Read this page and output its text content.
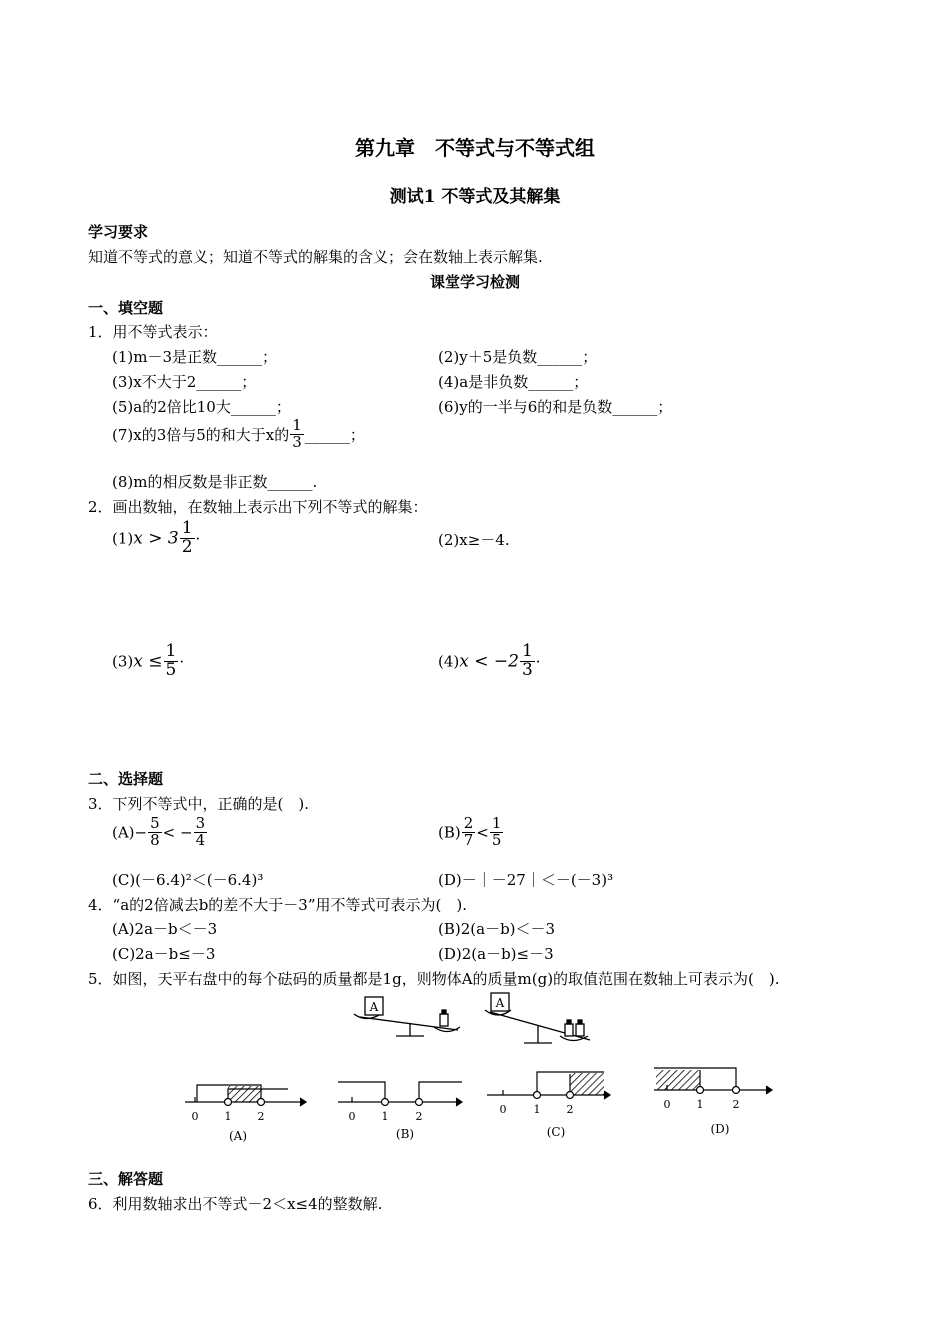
第九章　不等式与不等式组
测试1 不等式及其解集
学习要求
知道不等式的意义；知道不等式的解集的含义；会在数轴上表示解集.
课堂学习检测
一、填空题
1．用不等式表示：
(1)m－3是正数______；	(2)y＋5是负数______；
(3)x不大于2______；	(4)a是非负数______；
(5)a的2倍比10大______；	(6)y的一半与6的和是负数______；
(7)x的3倍与5的和大于x的 $\frac{1}{3}$ ______；
(8)m的相反数是非正数______.
2．画出数轴，在数轴上表示出下列不等式的解集：
$(1)x > 3 \frac{1}{2}$ ·	(2)x≥－4.
$(3)x \le \frac{1}{5}$ ·	$(4)x < -2 \frac{1}{3}$ ·
二、选择题
3．下列不等式中，正确的是(　).
$(A)- \frac{5}{8}$ < − $\frac{3}{4}$	$(B) \frac{2}{7} < \frac{1}{5}$
(C)(－6.4)²＜(－6.4)³	(D)－｜－27｜＜－(－3)³
4．“a的2倍减去b的差不大于－3”用不等式可表示为(　).
(A)2a－b＜－3	(B)2(a－b)＜－3
(C)2a－b≤－3	(D)2(a－b)≤－3
5．如图，天平右盘中的每个砝码的质量都是1g，则物体A的质量m(g)的取值范围在数轴上可表示为(　).
A	A
0 1 2
(A)
0 1 2
(B)
0 1 2
(C)
0 1	2
(D)
三、解答题
6．利用数轴求出不等式－2＜x≤4的整数解.
